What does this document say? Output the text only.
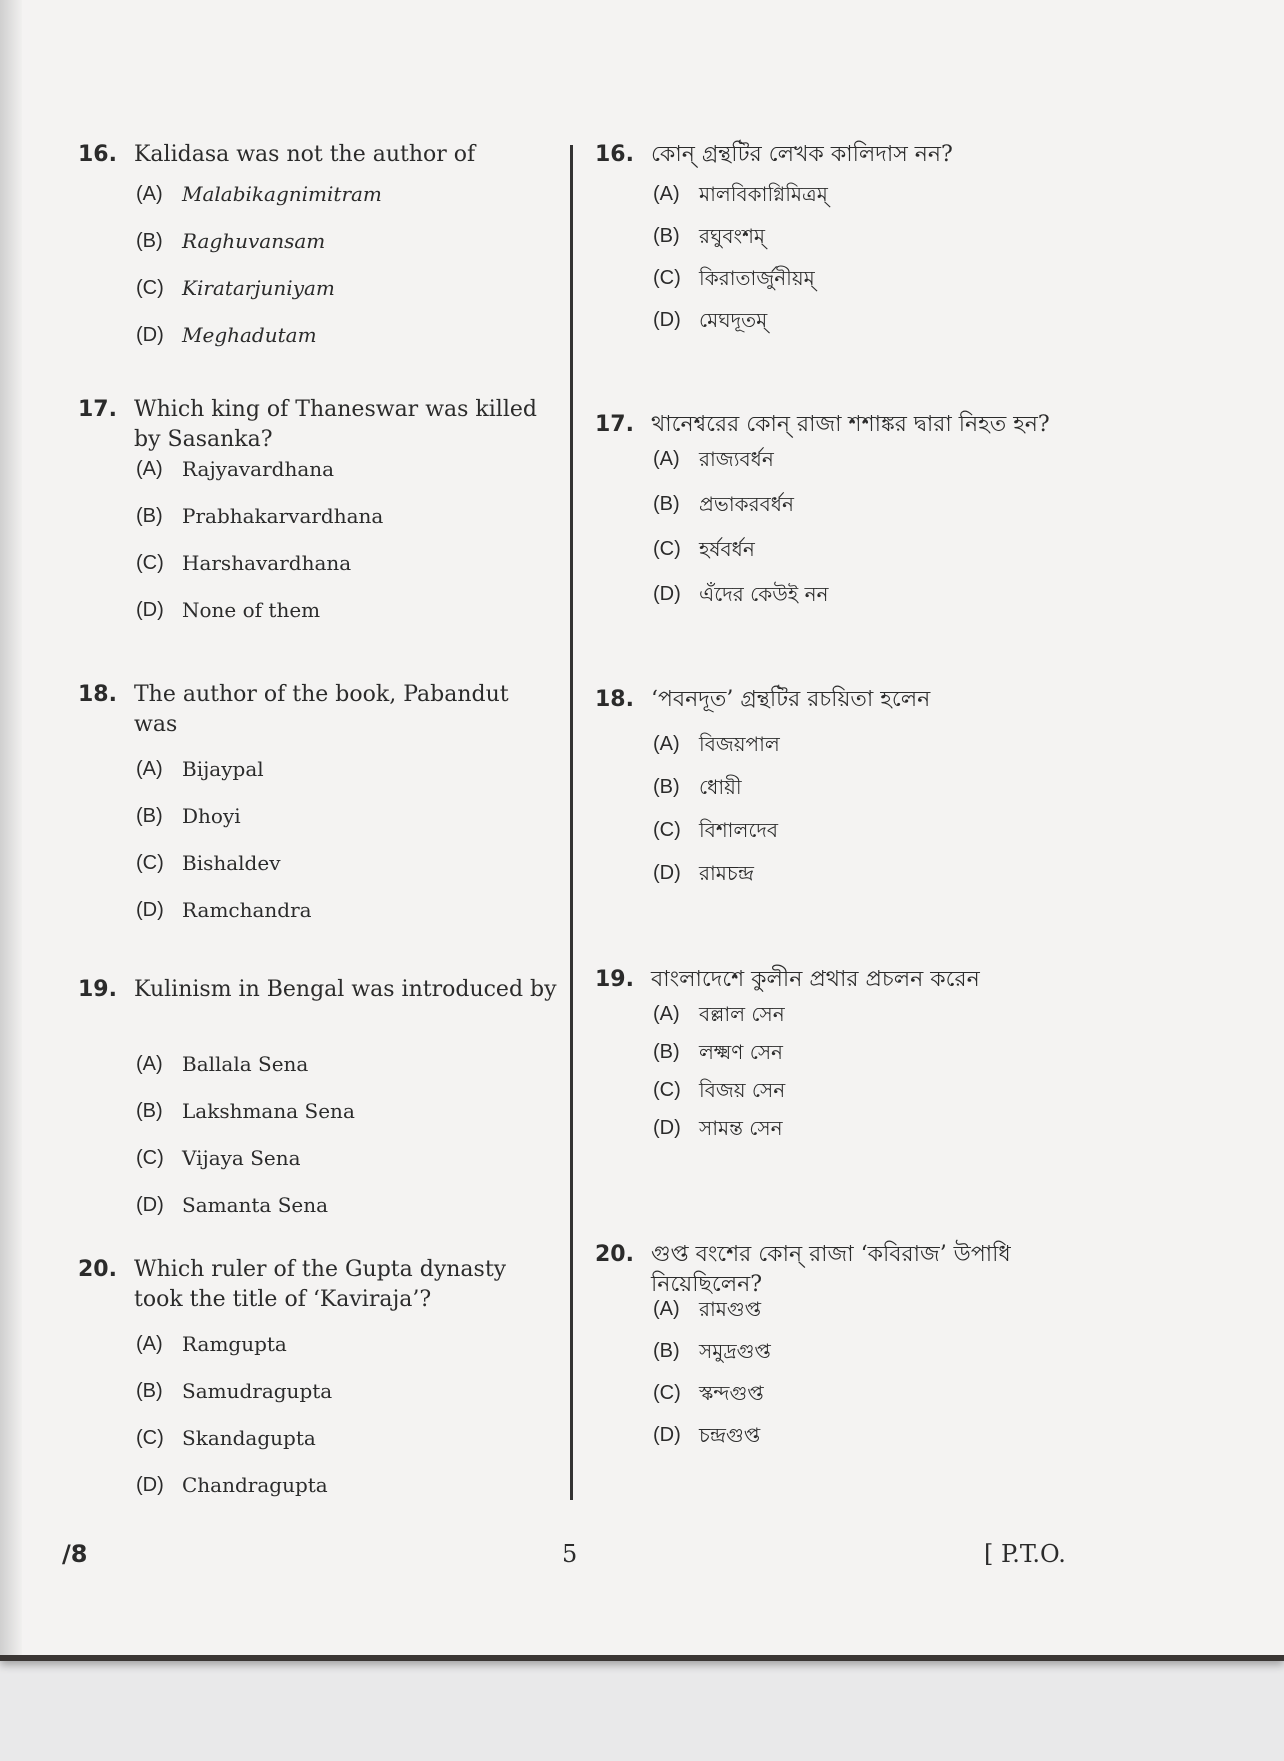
16. Kalidasa was not the author of
(A) Malabikagnimitram
(B) Raghuvansam
(C) Kiratarjuniyam
(D) Meghadutam
17. Which king of Thaneswar was killed by Sasanka?
(A) Rajyavardhana
(B) Prabhakarvardhana
(C) Harshavardhana
(D) None of them
18. The author of the book, Pabandut was
(A) Bijaypal
(B) Dhoyi
(C) Bishaldev
(D) Ramchandra
19. Kulinism in Bengal was introduced by
(A) Ballala Sena
(B) Lakshmana Sena
(C) Vijaya Sena
(D) Samanta Sena
20. Which ruler of the Gupta dynasty took the title of ‘Kaviraja’?
(A) Ramgupta
(B) Samudragupta
(C) Skandagupta
(D) Chandragupta
16. কোন্ গ্রন্থটির লেখক কালিদাস নন?
(A) মালবিকাগ্নিমিত্রম্
(B) রঘুবংশম্
(C) কিরাতার্জুনীয়ম্
(D) মেঘদূতম্
17. থানেশ্বরের কোন্ রাজা শশাঙ্কর দ্বারা নিহত হন?
(A) রাজ্যবর্ধন
(B) প্রভাকরবর্ধন
(C) হর্ষবর্ধন
(D) এঁদের কেউই নন
18. ‘পবনদূত’ গ্রন্থটির রচয়িতা হলেন
(A) বিজয়পাল
(B) ধোয়ী
(C) বিশালদেব
(D) রামচন্দ্র
19. বাংলাদেশে কুলীন প্রথার প্রচলন করেন
(A) বল্লাল সেন
(B) লক্ষ্মণ সেন
(C) বিজয় সেন
(D) সামন্ত সেন
20. গুপ্ত বংশের কোন্ রাজা ‘কবিরাজ’ উপাধি নিয়েছিলেন?
(A) রামগুপ্ত
(B) সমুদ্রগুপ্ত
(C) স্কন্দগুপ্ত
(D) চন্দ্রগুপ্ত
/8	5	[ P.T.O.
